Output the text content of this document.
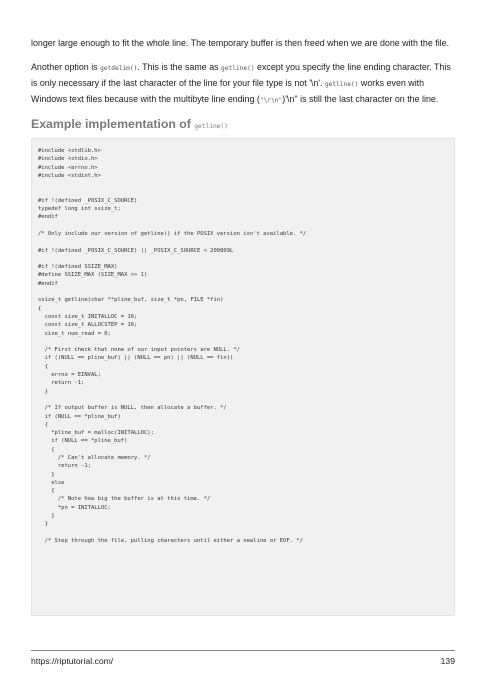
longer large enough to fit the whole line. The temporary buffer is then freed when we are done with the file.

Another option is getdelim(). This is the same as getline() except you specify the line ending character. This is only necessary if the last character of the line for your file type is not '\n'. getline() works even with Windows text files because with the multibyte line ending ("\r\n")'\n'' is still the last character on the line.

Example implementation of getline()
#include <stdlib.h>
#include <stdio.h>
#include <errno.h>
#include <stdint.h>
#if !(defined _POSIX_C_SOURCE)
typedef long int ssize_t;
#endif
/* Only include our version of getline() if the POSIX version isn't available. */
#if !(defined _POSIX_C_SOURCE) || _POSIX_C_SOURCE < 200809L
#if !(defined SSIZE_MAX)
#define SSIZE_MAX (SIZE_MAX >> 1)
#endif
ssize_t getline(char **pline_buf, size_t *pn, FILE *fin)
{
const size_t INITALLOC = 16;
const size_t ALLOCSTEP = 16;
size_t num_read = 0;
/* First check that none of our input pointers are NULL. */
if ((NULL == pline_buf) || (NULL == pn) || (NULL == fin))
{
errno = EINVAL;
return -1;
}
/* If output buffer is NULL, then allocate a buffer. */
if (NULL == *pline_buf)
{
*pline_buf = malloc(INITALLOC);
if (NULL == *pline_buf)
{
/* Can't allocate memory. */
return -1;
}
else
{
/* Note how big the buffer is at this time. */
*pn = INITALLOC;
}
}
/* Step through the file, pulling characters until either a newline or EOF. */
https://riptutorial.com/	139
